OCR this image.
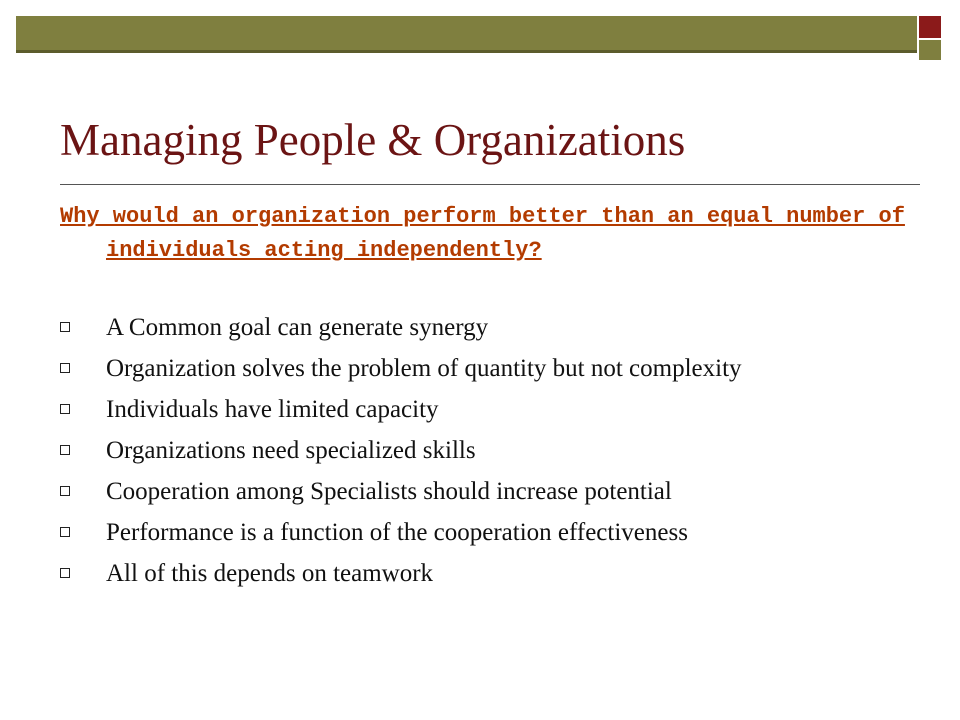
Managing People & Organizations

Why would an organization perform better than an equal number of individuals acting independently?

A Common goal can generate synergy
Organization solves the problem of quantity but not complexity
Individuals have limited capacity
Organizations need specialized skills
Cooperation among Specialists should increase potential
Performance is a function of the cooperation effectiveness
All of this depends on teamwork
